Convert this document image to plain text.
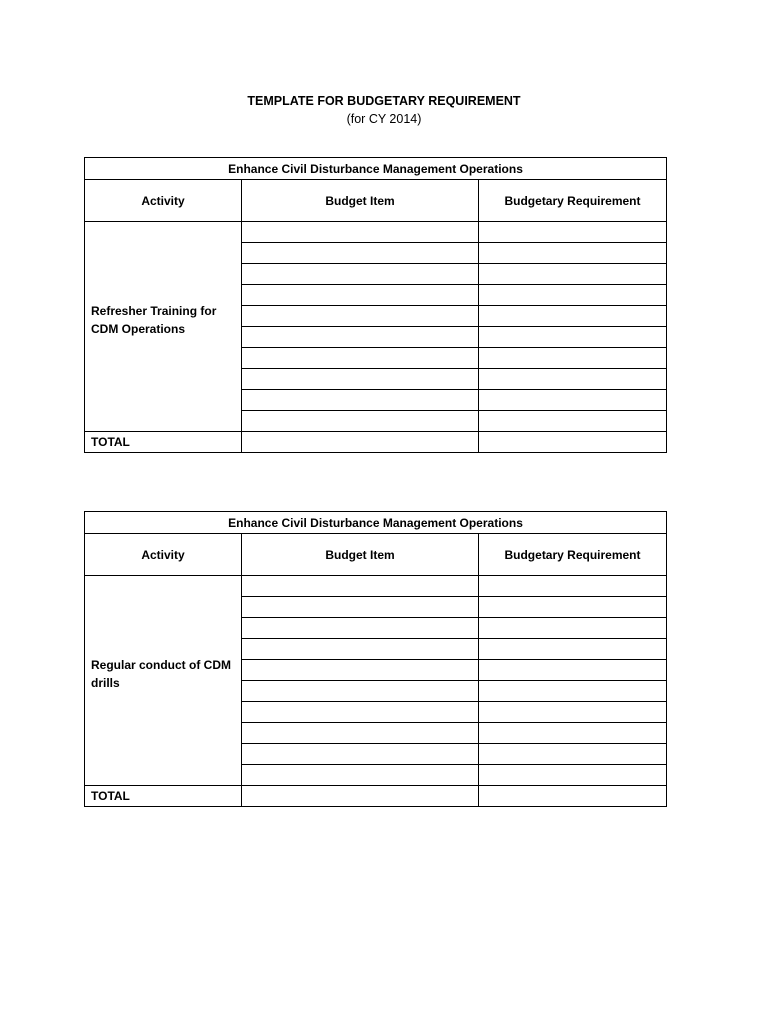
TEMPLATE FOR BUDGETARY REQUIREMENT
(for CY 2014)
Enhance Civil Disturbance Management Operations		
Activity	Budget Item	Budgetary Requirement

Refresher Training for CDM Operations		

TOTAL		
Enhance Civil Disturbance Management Operations		
Activity	Budget Item	Budgetary Requirement

Regular conduct of CDM drills		

TOTAL		
